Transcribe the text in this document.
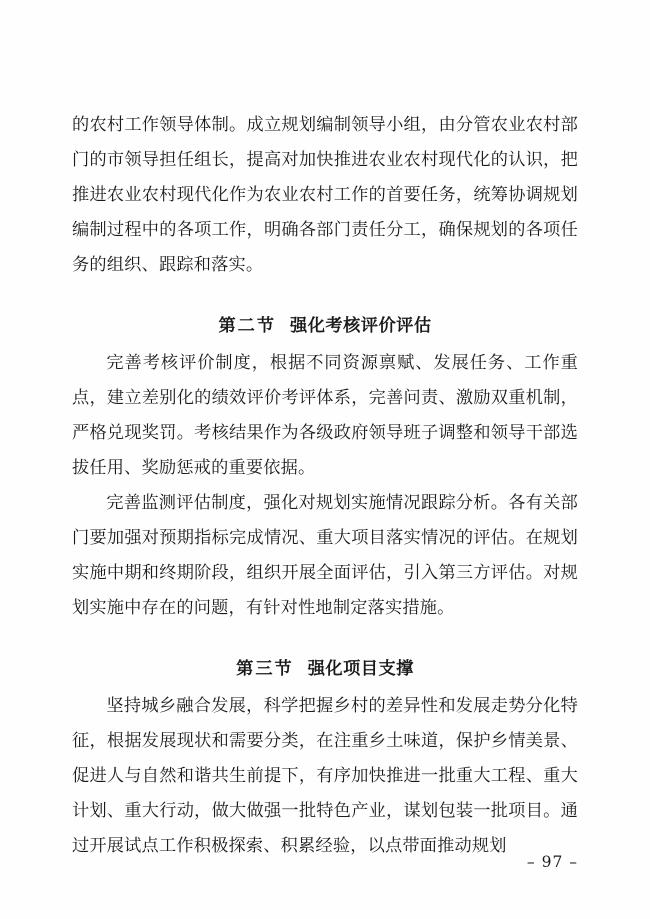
的农村工作领导体制。成立规划编制领导小组，由分管农业农村部门的市领导担任组长，提高对加快推进农业农村现代化的认识，把推进农业农村现代化作为农业农村工作的首要任务，统筹协调规划编制过程中的各项工作，明确各部门责任分工，确保规划的各项任务的组织、跟踪和落实。

第二节 强化考核评价评估

完善考核评价制度，根据不同资源禀赋、发展任务、工作重点，建立差别化的绩效评价考评体系，完善问责、激励双重机制，严格兑现奖罚。考核结果作为各级政府领导班子调整和领导干部选拔任用、奖励惩戒的重要依据。

完善监测评估制度，强化对规划实施情况跟踪分析。各有关部门要加强对预期指标完成情况、重大项目落实情况的评估。在规划实施中期和终期阶段，组织开展全面评估，引入第三方评估。对规划实施中存在的问题，有针对性地制定落实措施。

第三节 强化项目支撑

坚持城乡融合发展，科学把握乡村的差异性和发展走势分化特征，根据发展现状和需要分类，在注重乡土味道，保护乡情美景、促进人与自然和谐共生前提下，有序加快推进一批重大工程、重大计划、重大行动，做大做强一批特色产业，谋划包装一批项目。通过开展试点工作积极探索、积累经验，以点带面推动规划

– 97 –
